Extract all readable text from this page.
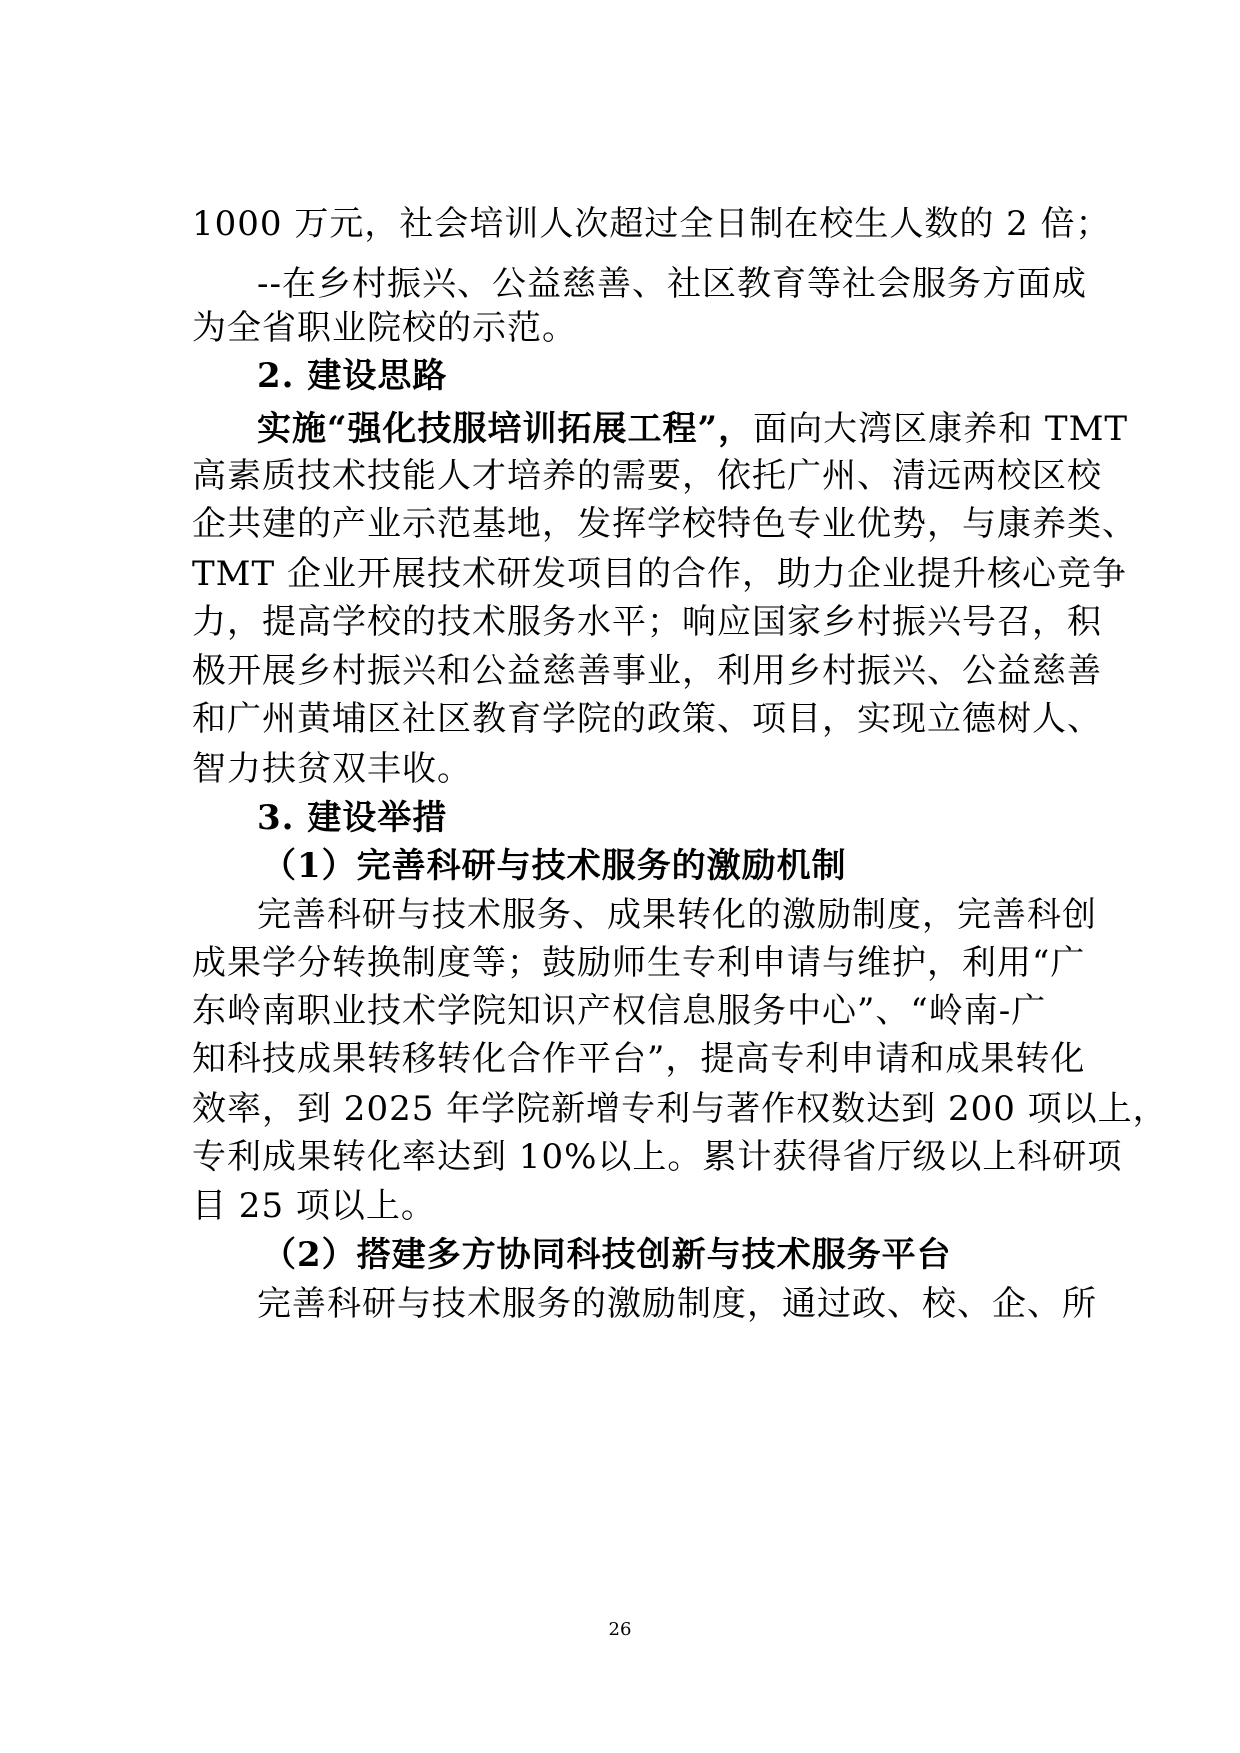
1000 万元，社会培训人次超过全日制在校生人数的 2 倍；
--在乡村振兴、公益慈善、社区教育等社会服务方面成
为全省职业院校的示范。
2. 建设思路
实施“强化技服培训拓展工程”，面向大湾区康养和 TMT
高素质技术技能人才培养的需要，依托广州、清远两校区校
企共建的产业示范基地，发挥学校特色专业优势，与康养类、
TMT 企业开展技术研发项目的合作，助力企业提升核心竞争
力，提高学校的技术服务水平；响应国家乡村振兴号召，积
极开展乡村振兴和公益慈善事业，利用乡村振兴、公益慈善
和广州黄埔区社区教育学院的政策、项目，实现立德树人、
智力扶贫双丰收。
3. 建设举措
（1）完善科研与技术服务的激励机制
完善科研与技术服务、成果转化的激励制度，完善科创
成果学分转换制度等；鼓励师生专利申请与维护，利用“广
东岭南职业技术学院知识产权信息服务中心”、“岭南-广
知科技成果转移转化合作平台”，提高专利申请和成果转化
效率，到 2025 年学院新增专利与著作权数达到 200 项以上，
专利成果转化率达到 10%以上。累计获得省厅级以上科研项
目 25 项以上。
（2）搭建多方协同科技创新与技术服务平台
完善科研与技术服务的激励制度，通过政、校、企、所
26
